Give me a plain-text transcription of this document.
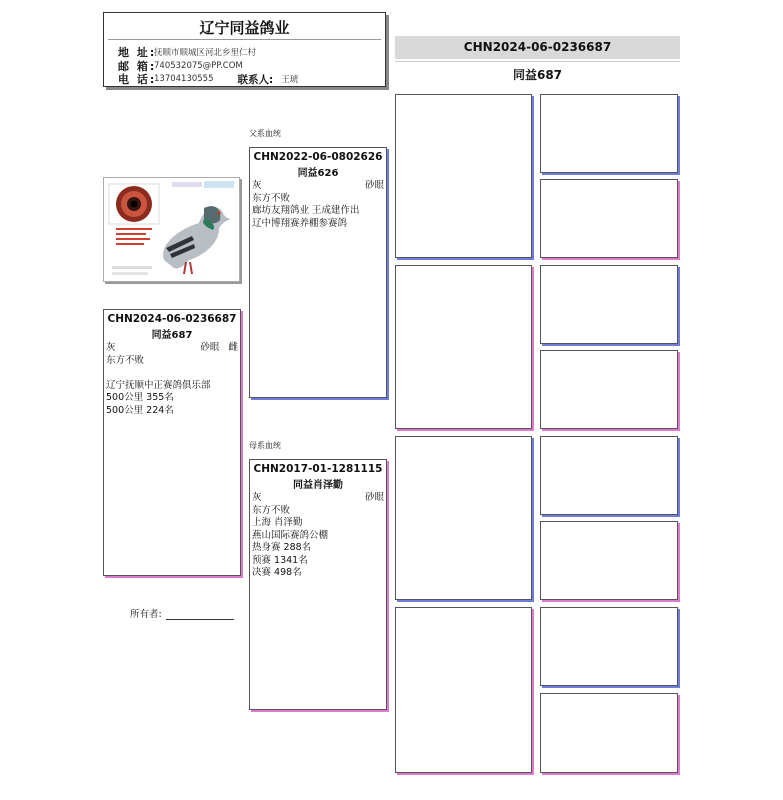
辽宁同益鸽业
地 址:
抚顺市顺城区河北乡里仁村
邮 箱:
740532075@PP.COM
电 话:
13704130555 联系人: 王琥
CHN2024-06-0236687
同益687
CHN2024-06-0236687
同益687
灰	砂眼 雌
东方不败
辽宁抚顺中正赛鸽俱乐部
500公里 355名
500公里 224名
所有者:
父系血统
CHN2022-06-0802626
同益626
灰	砂眼
东方不败
廊坊友翔鸽业 王成建作出
辽中博翔赛养棚参赛鸽
母系血统
CHN2017-01-1281115
同益肖泽勤
灰	砂眼
东方不败
上海 肖泽勤
燕山国际赛鸽公棚
热身赛 288名
预赛 1341名
决赛 498名
